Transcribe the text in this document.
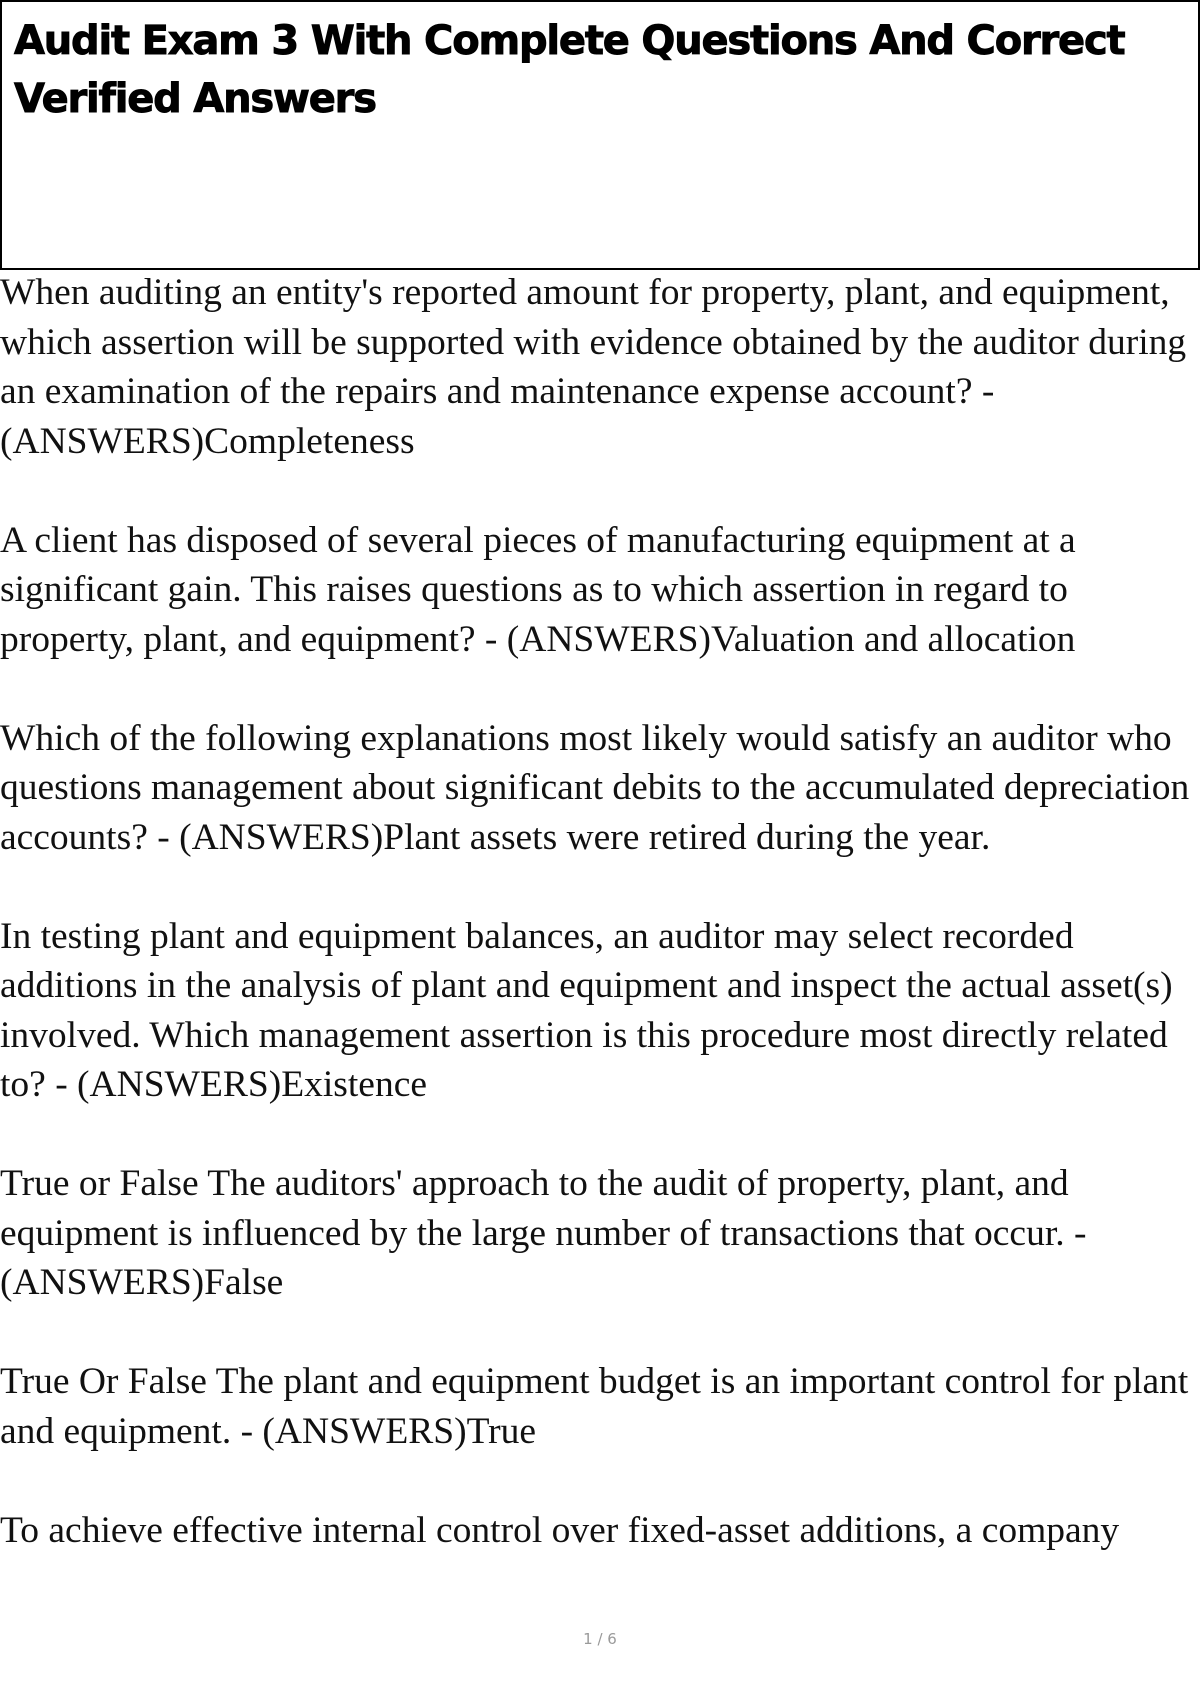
Audit Exam 3 With Complete Questions And Correct Verified Answers

When auditing an entity's reported amount for property, plant, and equipment, which assertion will be supported with evidence obtained by the auditor during an examination of the repairs and maintenance expense account? - (ANSWERS)Completeness

A client has disposed of several pieces of manufacturing equipment at a significant gain. This raises questions as to which assertion in regard to property, plant, and equipment? - (ANSWERS)Valuation and allocation

Which of the following explanations most likely would satisfy an auditor who questions management about significant debits to the accumulated depreciation accounts? - (ANSWERS)Plant assets were retired during the year.

In testing plant and equipment balances, an auditor may select recorded additions in the analysis of plant and equipment and inspect the actual asset(s) involved. Which management assertion is this procedure most directly related to? - (ANSWERS)Existence

True or False The auditors' approach to the audit of property, plant, and equipment is influenced by the large number of transactions that occur. - (ANSWERS)False

True Or False The plant and equipment budget is an important control for plant and equipment. - (ANSWERS)True

To achieve effective internal control over fixed-asset additions, a company

1 / 6
